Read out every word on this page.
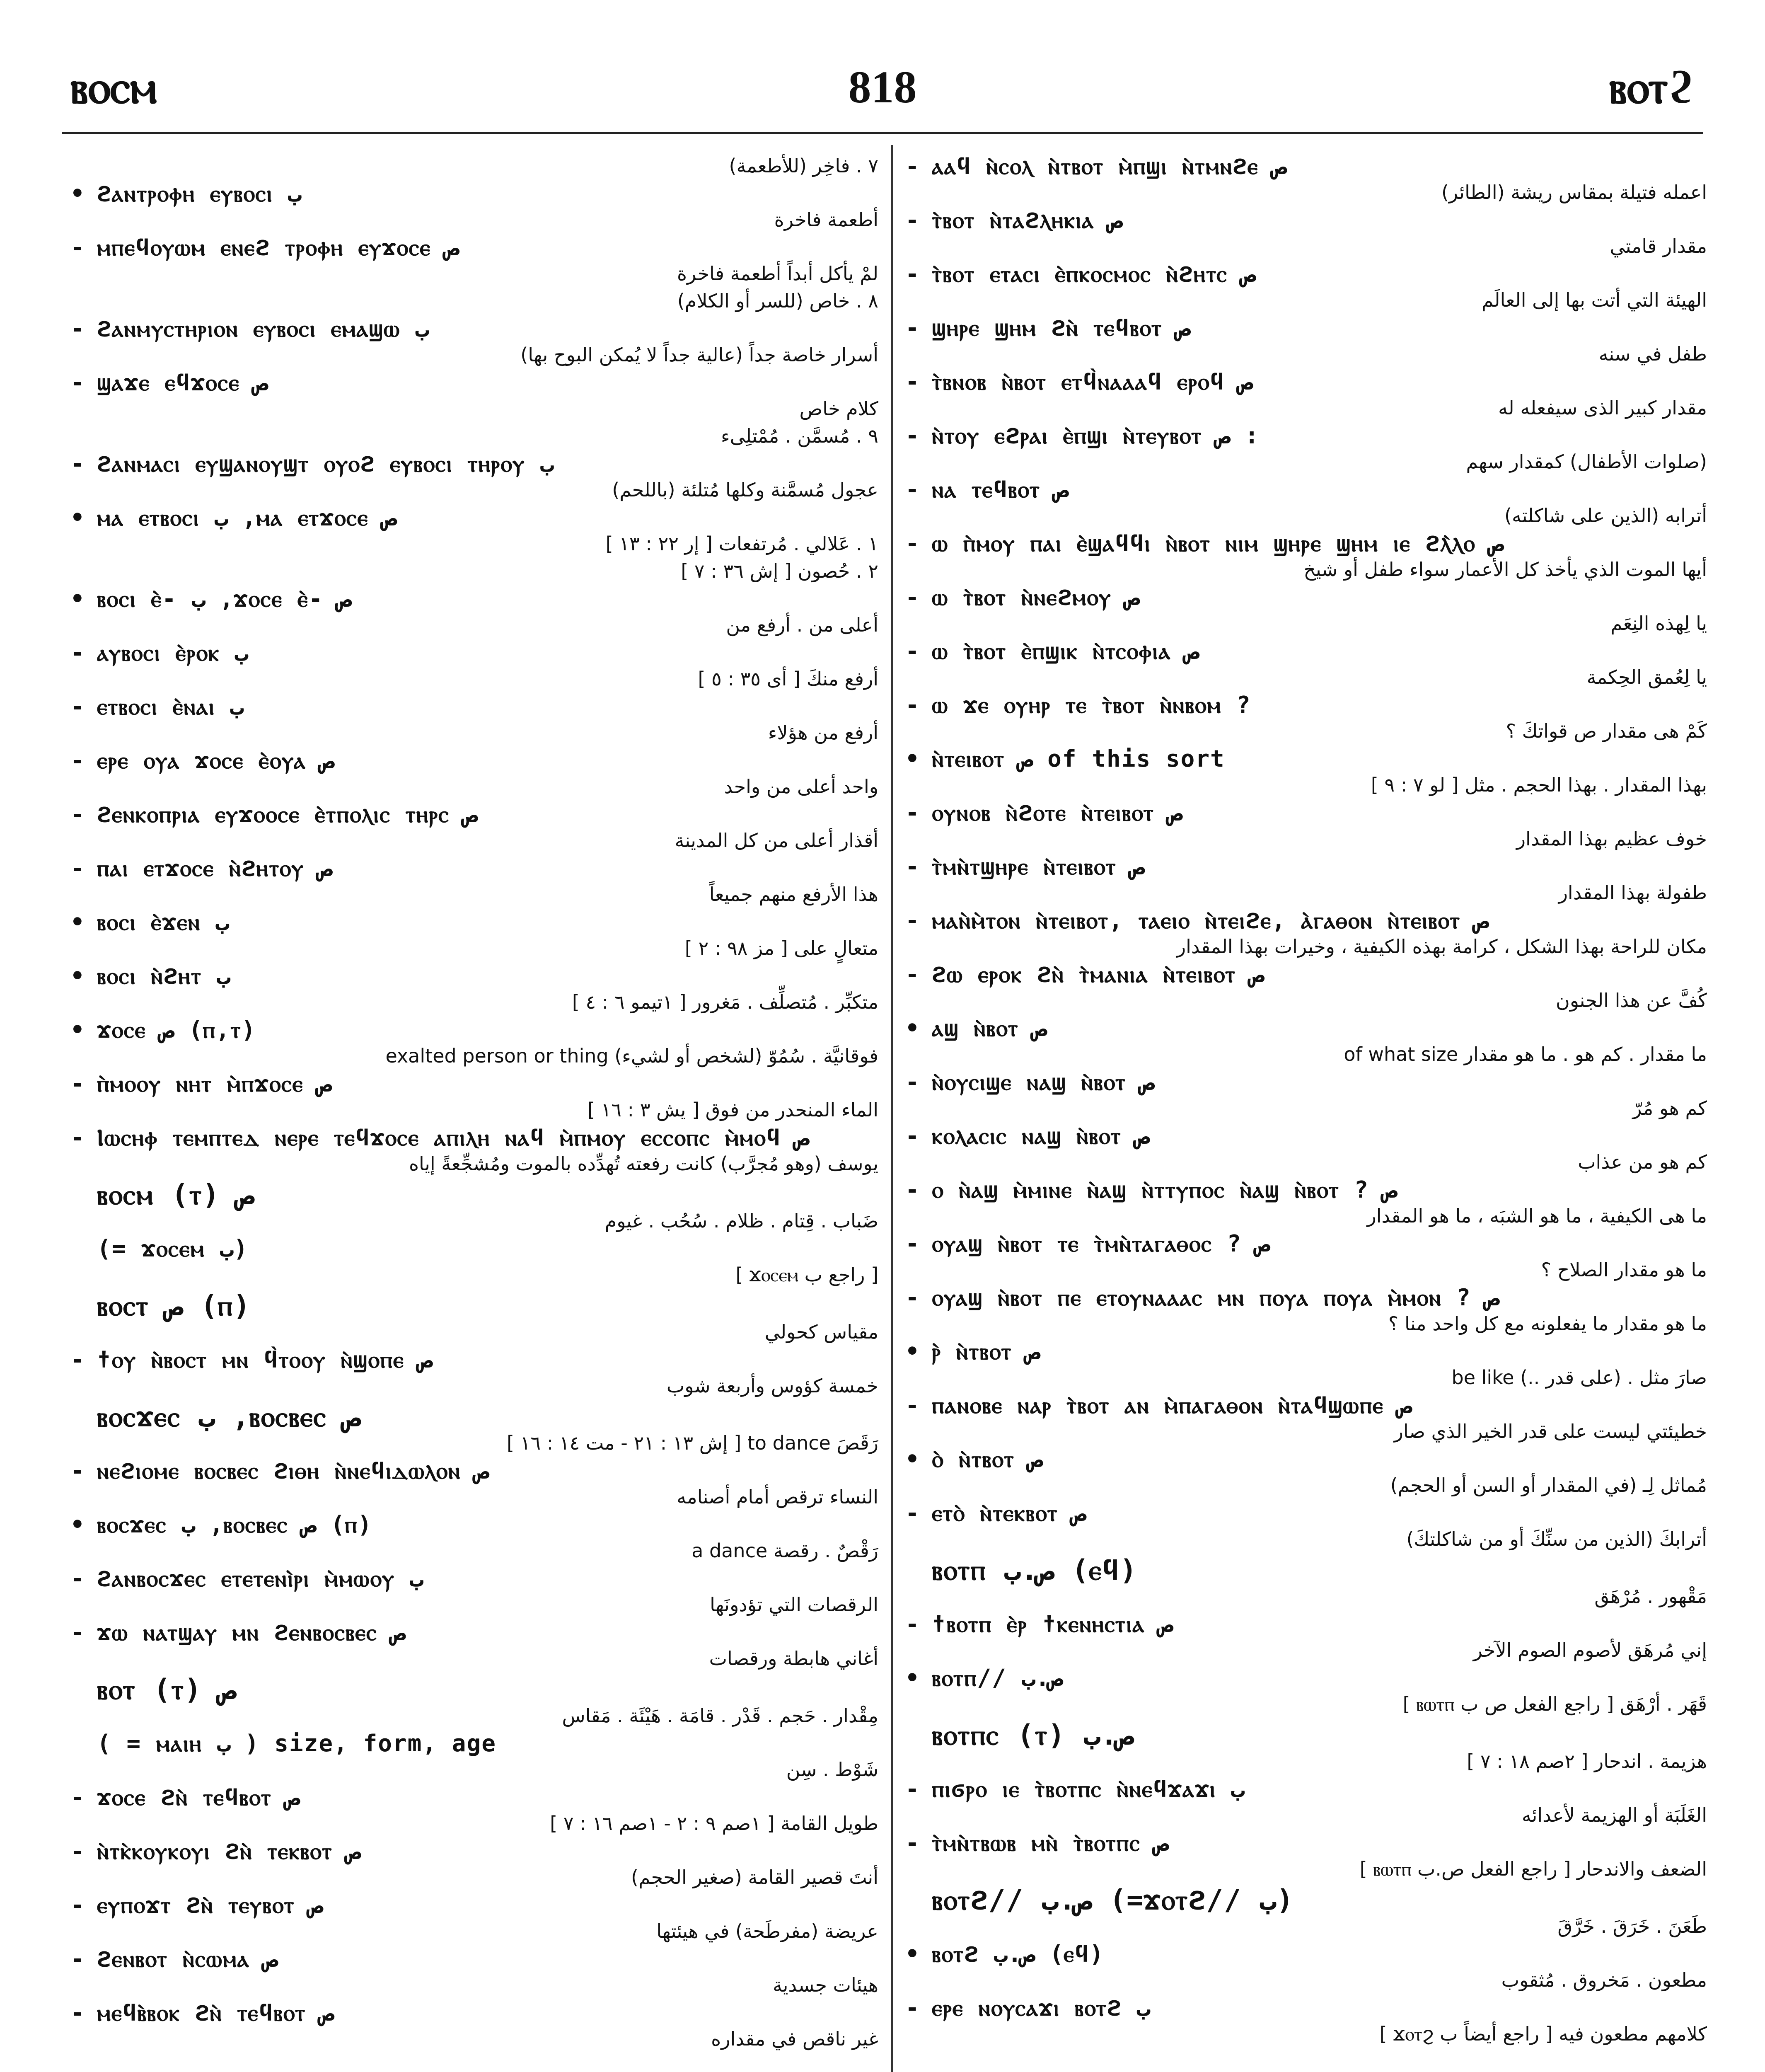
ⲃⲟⲥⲙ	818	ⲃⲟⲧϩ
٧ . فاخِر (للأطعمة)
• ϩⲁⲛⲧⲣⲟⲫⲏ ⲉⲩⲃⲟⲥⲓ ب
أطعمة فاخرة
- ⲙⲡⲉϥⲟⲩⲱⲙ ⲉⲛⲉϩ ⲧⲣⲟⲫⲏ ⲉⲩϫⲟⲥⲉ ص
لمْ يأكل أبداً أطعمة فاخرة
٨ . خاص (للسر أو الكلام)
- ϩⲁⲛⲙⲩⲥⲧⲏⲣⲓⲟⲛ ⲉⲩⲃⲟⲥⲓ ⲉⲙⲁϣⲱ ب
أسرار خاصة جداً (عالية جداً لا يُمكن البوح بها)
- ϣⲁϫⲉ ⲉϥϫⲟⲥⲉ ص
كلام خاص
٩ . مُسمَّن . مُمْتلِىء
- ϩⲁⲛⲙⲁⲥⲓ ⲉⲩϣⲁⲛⲟⲩϣⲧ ⲟⲩⲟϩ ⲉⲩⲃⲟⲥⲓ ⲧⲏⲣⲟⲩ ب
عجول مُسمَّنة وكلها مُتلئة (باللحم)
• ⲙⲁ ⲉⲧⲃⲟⲥⲓ ب ,ⲙⲁ ⲉⲧϫⲟⲥⲉ ص
١ . عَلالي . مُرتفعات [ إر ٢٢ : ١٣ ]
٢ . حُصون [ إش ٣٦ : ٧ ]
• ⲃⲟⲥⲓ ⲉ̀- ب ,ϫⲟⲥⲉ ⲉ̀- ص
أعلى من . أرفع من
- ⲁⲩⲃⲟⲥⲓ ⲉ̀ⲣⲟⲕ ب
أرفع منكَ [ أى ٣٥ : ٥ ]
- ⲉⲧⲃⲟⲥⲓ ⲉ̀ⲛⲁⲓ ب
أرفع من هؤلاء
- ⲉⲣⲉ ⲟⲩⲁ ϫⲟⲥⲉ ⲉ̀ⲟⲩⲁ ص
واحد أعلى من واحد
- ϩⲉⲛⲕⲟⲡⲣⲓⲁ ⲉⲩϫⲟⲟⲥⲉ ⲉ̀ⲧⲡⲟⲗⲓⲥ ⲧⲏⲣⲥ ص
أقذار أعلى من كل المدينة
- ⲡⲁⲓ ⲉⲧϫⲟⲥⲉ ⲛ̀ϩⲏⲧⲟⲩ ص
هذا الأرفع منهم جميعاً
• ⲃⲟⲥⲓ ⲉ̀ϫⲉⲛ ب
متعالٍ على [ مز ٩٨ : ٢ ]
• ⲃⲟⲥⲓ ⲛ̀ϩⲏⲧ ب
متكبِّر . مُتصلِّف . مَغرور [ ١تيمو ٦ : ٤ ]
• ϫⲟⲥⲉ ص (ⲡ,ⲧ)
فوقانيَّة . سُمُوّ (لشخص أو لشيء) exalted person or thing
- ⲡ̀ⲙⲟⲟⲩ ⲛⲏⲧ ⲙ̀ⲡϫⲟⲥⲉ ص
الماء المنحدر من فوق [ يش ٣ : ١٦ ]
- Ⲓⲱⲥⲏⲫ ⲧⲉⲙⲡⲧⲉⲇ ⲛⲉⲣⲉ ⲧⲉϥϫⲟⲥⲉ ⲁⲡⲓⲗⲏ ⲛⲁϥ ⲙ̀ⲡⲙⲟⲩ ⲉⲥⲥⲟⲡⲥ ⲙ̀ⲙⲟϥ ص
يوسف (وهو مُجرَّب) كانت رفعته تُهدِّده بالموت ومُشجِّعةً إياه
ⲃⲟⲥⲙ (ⲧ) ص
ضَباب . قِتام . ظلام . سُحُب . غيوم
(= ϫⲟⲥⲉⲙ ب)
[ راجع ب ϫⲟⲥⲉⲙ ]
ⲃⲟⲥⲧ ص (ⲡ)
مقياس كحولي
- ϯⲟⲩ ⲛ̀ⲃⲟⲥⲧ ⲙⲛ ϥ̀ⲧⲟⲟⲩ ⲛ̀ϣⲟⲡⲉ ص
خمسة كؤوس وأربعة شوب
ⲃⲟⲥϫⲉⲥ ب ,ⲃⲟⲥⲃⲉⲥ ص
رَقَصَ to dance [ إش ١٣ : ٢١ - مت ١٤ : ١٦ ]
- ⲛⲉϩⲓⲟⲙⲉ ⲃⲟⲥⲃⲉⲥ ϩⲓⲑⲏ ⲛ̀ⲛⲉϥⲓⲇⲱⲗⲟⲛ ص
النساء ترقص أمام أصنامه
• ⲃⲟⲥϫⲉⲥ ب ,ⲃⲟⲥⲃⲉⲥ ص (ⲡ)
رَقْصٌ . رقصة a dance
- ϩⲁⲛⲃⲟⲥϫⲉⲥ ⲉⲧⲉⲧⲉⲛⲓ̀ⲣⲓ ⲙ̀ⲙⲱⲟⲩ ب
الرقصات التي تؤدونَها
- ϫⲱ ⲛⲁⲧϣⲁⲩ ⲙⲛ ϩⲉⲛⲃⲟⲥⲃⲉⲥ ص
أغاني هابطة ورقصات
ⲃⲟⲧ (ⲧ) ص
مِقْدار . حَجم . قَدْر . قامَة . هَيْئَة . مَقاس
( = ⲙⲁⲓⲏ ب ) size, form, age
شَوْط . سِن
- ϫⲟⲥⲉ ϩⲛ̀ ⲧⲉϥⲃⲟⲧ ص
طويل القامة [ ١صم ٩ : ٢ - ١صم ١٦ : ٧ ]
- ⲛ̀ⲧⲕ̀ⲕⲟⲩⲕⲟⲩⲓ ϩⲛ̀ ⲧⲉⲕⲃⲟⲧ ص
أنتَ قصير القامة (صغير الحجم)
- ⲉⲩⲡⲟϫⲧ ϩⲛ̀ ⲧⲉⲩⲃⲟⲧ ص
عريضة (مفرطَحة) في هيئتها
- ϩⲉⲛⲃⲟⲧ ⲛ̀ⲥⲱⲙⲁ ص
هيئات جسدية
- ⲙⲉϥⲃ̀ⲃⲟⲕ ϩⲛ̀ ⲧⲉϥⲃⲟⲧ ص
غير ناقص في مقداره
- ⲁⲁϥ ⲛ̀ⲥⲟⲗ ⲛ̀ⲧⲃⲟⲧ ⲙ̀ⲡϣⲓ ⲛ̀ⲧⲙⲛϩⲉ ص
اعمله فتيلة بمقاس ريشة (الطائر)
- ⲧ̀ⲃⲟⲧ ⲛ̀ⲧⲁϩⲗⲏⲕⲓⲁ ص
مقدار قامتي
- ⲧ̀ⲃⲟⲧ ⲉⲧⲁⲥⲓ ⲉ̀ⲡⲕⲟⲥⲙⲟⲥ ⲛ̀ϩⲏⲧⲥ ص
الهيئة التي أتت بها إلى العالَم
- ϣⲏⲣⲉ ϣⲏⲙ ϩⲛ̀ ⲧⲉϥⲃⲟⲧ ص
طفل في سنه
- ⲧ̀ⲃⲛⲟⲃ ⲛ̀ⲃⲟⲧ ⲉⲧϥ̀ⲛⲁⲁⲁϥ ⲉⲣⲟϥ ص
مقدار كبير الذى سيفعله له
- ⲛ̀ⲧⲟⲩ ⲉϩⲣⲁⲓ ⲉ̀ⲡϣⲓ ⲛ̀ⲧⲉⲩⲃⲟⲧ ص :
(صلوات الأطفال) كمقدار سهم
- ⲛⲁ ⲧⲉϥⲃⲟⲧ ص
أترابه (الذين على شاكلته)
- ⲱ ⲡ̀ⲙⲟⲩ ⲡⲁⲓ ⲉ̀ϣⲁϥϥⲓ ⲛ̀ⲃⲟⲧ ⲛⲓⲙ ϣⲏⲣⲉ ϣⲏⲙ ⲓⲉ ϩⲗ̀ⲗⲟ ص
أيها الموت الذي يأخذ كل الأعمار سواء طفل أو شيخ
- ⲱ ⲧ̀ⲃⲟⲧ ⲛ̀ⲛⲉϩⲙⲟⲩ ص
يا لِهذه النِعَم
- ⲱ ⲧ̀ⲃⲟⲧ ⲉ̀ⲡϣⲓⲕ ⲛ̀ⲧⲥⲟⲫⲓⲁ ص
يا لِعُمق الحِكمة
- ⲱ ϫⲉ ⲟⲩⲏⲣ ⲧⲉ ⲧ̀ⲃⲟⲧ ⲛ̀ⲛⲃⲟⲙ ?
كَمْ هى مقدار ص قواتكَ ؟
• ⲛ̀ⲧⲉⲓⲃⲟⲧ ص of this sort
بهذا المقدار . بهذا الحجم . مثل [ لو ٧ : ٩ ]
- ⲟⲩⲛⲟⲃ ⲛ̀ϩⲟⲧⲉ ⲛ̀ⲧⲉⲓⲃⲟⲧ ص
خوف عظيم بهذا المقدار
- ⲧ̀ⲙⲛ̀ⲧϣⲏⲣⲉ ⲛ̀ⲧⲉⲓⲃⲟⲧ ص
طفولة بهذا المقدار
- ⲙⲁⲛ̀ⲙ̀ⲧⲟⲛ ⲛ̀ⲧⲉⲓⲃⲟⲧ, ⲧⲁⲉⲓⲟ ⲛ̀ⲧⲉⲓϩⲉ, ⲁ̀ⲅⲁⲑⲟⲛ ⲛ̀ⲧⲉⲓⲃⲟⲧ ص
مكان للراحة بهذا الشكل ، كرامة بهذه الكيفية ، وخيرات بهذا المقدار
- ϩⲱ ⲉⲣⲟⲕ ϩⲛ̀ ⲧ̀ⲙⲁⲛⲓⲁ ⲛ̀ⲧⲉⲓⲃⲟⲧ ص
كُفَّ عن هذا الجنون
• ⲁϣ ⲛ̀ⲃⲟⲧ ص
ما مقدار . كم هو . ما هو مقدار of what size
- ⲛ̀ⲟⲩⲥⲓϣⲉ ⲛⲁϣ ⲛ̀ⲃⲟⲧ ص
كم هو مُرّ
- ⲕⲟⲗⲁⲥⲓⲥ ⲛⲁϣ ⲛ̀ⲃⲟⲧ ص
كم هو من عذاب
- ⲟ ⲛ̀ⲁϣ ⲙ̀ⲙⲓⲛⲉ ⲛ̀ⲁϣ ⲛ̀ⲧⲧⲩⲡⲟⲥ ⲛ̀ⲁϣ ⲛ̀ⲃⲟⲧ ? ص
ما هى الكيفية ، ما هو الشبَه ، ما هو المقدار
- ⲟⲩⲁϣ ⲛ̀ⲃⲟⲧ ⲧⲉ ⲧ̀ⲙⲛ̀ⲧⲁⲅⲁⲑⲟⲥ ? ص
ما هو مقدار الصلاح ؟
- ⲟⲩⲁϣ ⲛ̀ⲃⲟⲧ ⲡⲉ ⲉⲧⲟⲩⲛⲁⲁⲁⲥ ⲙⲛ ⲡⲟⲩⲁ ⲡⲟⲩⲁ ⲙ̀ⲙⲟⲛ ? ص
ما هو مقدار ما يفعلونه مع كل واحد منا ؟
• ⲣ̀ ⲛ̀ⲧⲃⲟⲧ ص
صارَ مثل . (على قدر ..) be like
- ⲡⲁⲛⲟⲃⲉ ⲛⲁⲣ ⲧ̀ⲃⲟⲧ ⲁⲛ ⲙ̀ⲡⲁⲅⲁⲑⲟⲛ ⲛ̀ⲧⲁϥϣⲱⲡⲉ ص
خطيئتي ليست على قدر الخير الذي صار
• ⲟ̀ ⲛ̀ⲧⲃⲟⲧ ص
مُماثل لِـ (في المقدار أو السن أو الحجم)
- ⲉⲧⲟ̀ ⲛ̀ⲧⲉⲕⲃⲟⲧ ص
أترابكَ (الذين من سنِّكَ أو من شاكلتكَ)
ⲃⲟⲧⲡ ص.ب (ⲉϥ)
مَقْهور . مُرْهَق
- ϯⲃⲟⲧⲡ ⲉ̀ⲣ ϯⲕⲉⲛⲏⲥⲧⲓⲁ ص
إني مُرهَق لأصوم الصوم الآخر
• ⲃⲟⲧⲡ// ص.ب
قَهَر . أرْهَق [ راجع الفعل ص ب ⲃⲱⲧⲡ ]
ⲃⲟⲧⲡⲥ (ⲧ) ص.ب
هزيمة . اندحار [ ٢صم ١٨ : ٧ ]
- ⲡⲓϭⲣⲟ ⲓⲉ ⲧ̀ⲃⲟⲧⲡⲥ ⲛ̀ⲛⲉϥϫⲁϫⲓ ب
الغَلَبَة أو الهزيمة لأعدائه
- ⲧ̀ⲙⲛ̀ⲧⲃⲱⲃ ⲙⲛ̀ ⲧ̀ⲃⲟⲧⲡⲥ ص
الضعف والاندحار [ راجع الفعل ص.ب ⲃⲱⲧⲡ ]
ⲃⲟⲧϩ// ص.ب (=ϫⲟⲧϩ// ب)
طَعَنَ . خَرَقَ . خَرَّقَ
• ⲃⲟⲧϩ ص.ب (ⲉϥ)
مطعون . مَخروق . مُثقوب
- ⲉⲣⲉ ⲛⲟⲩⲥⲁϫⲓ ⲃⲟⲧϩ ب
كلامهم مطعون فيه [ راجع أيضاً ب ϫⲟⲧϩ ]
